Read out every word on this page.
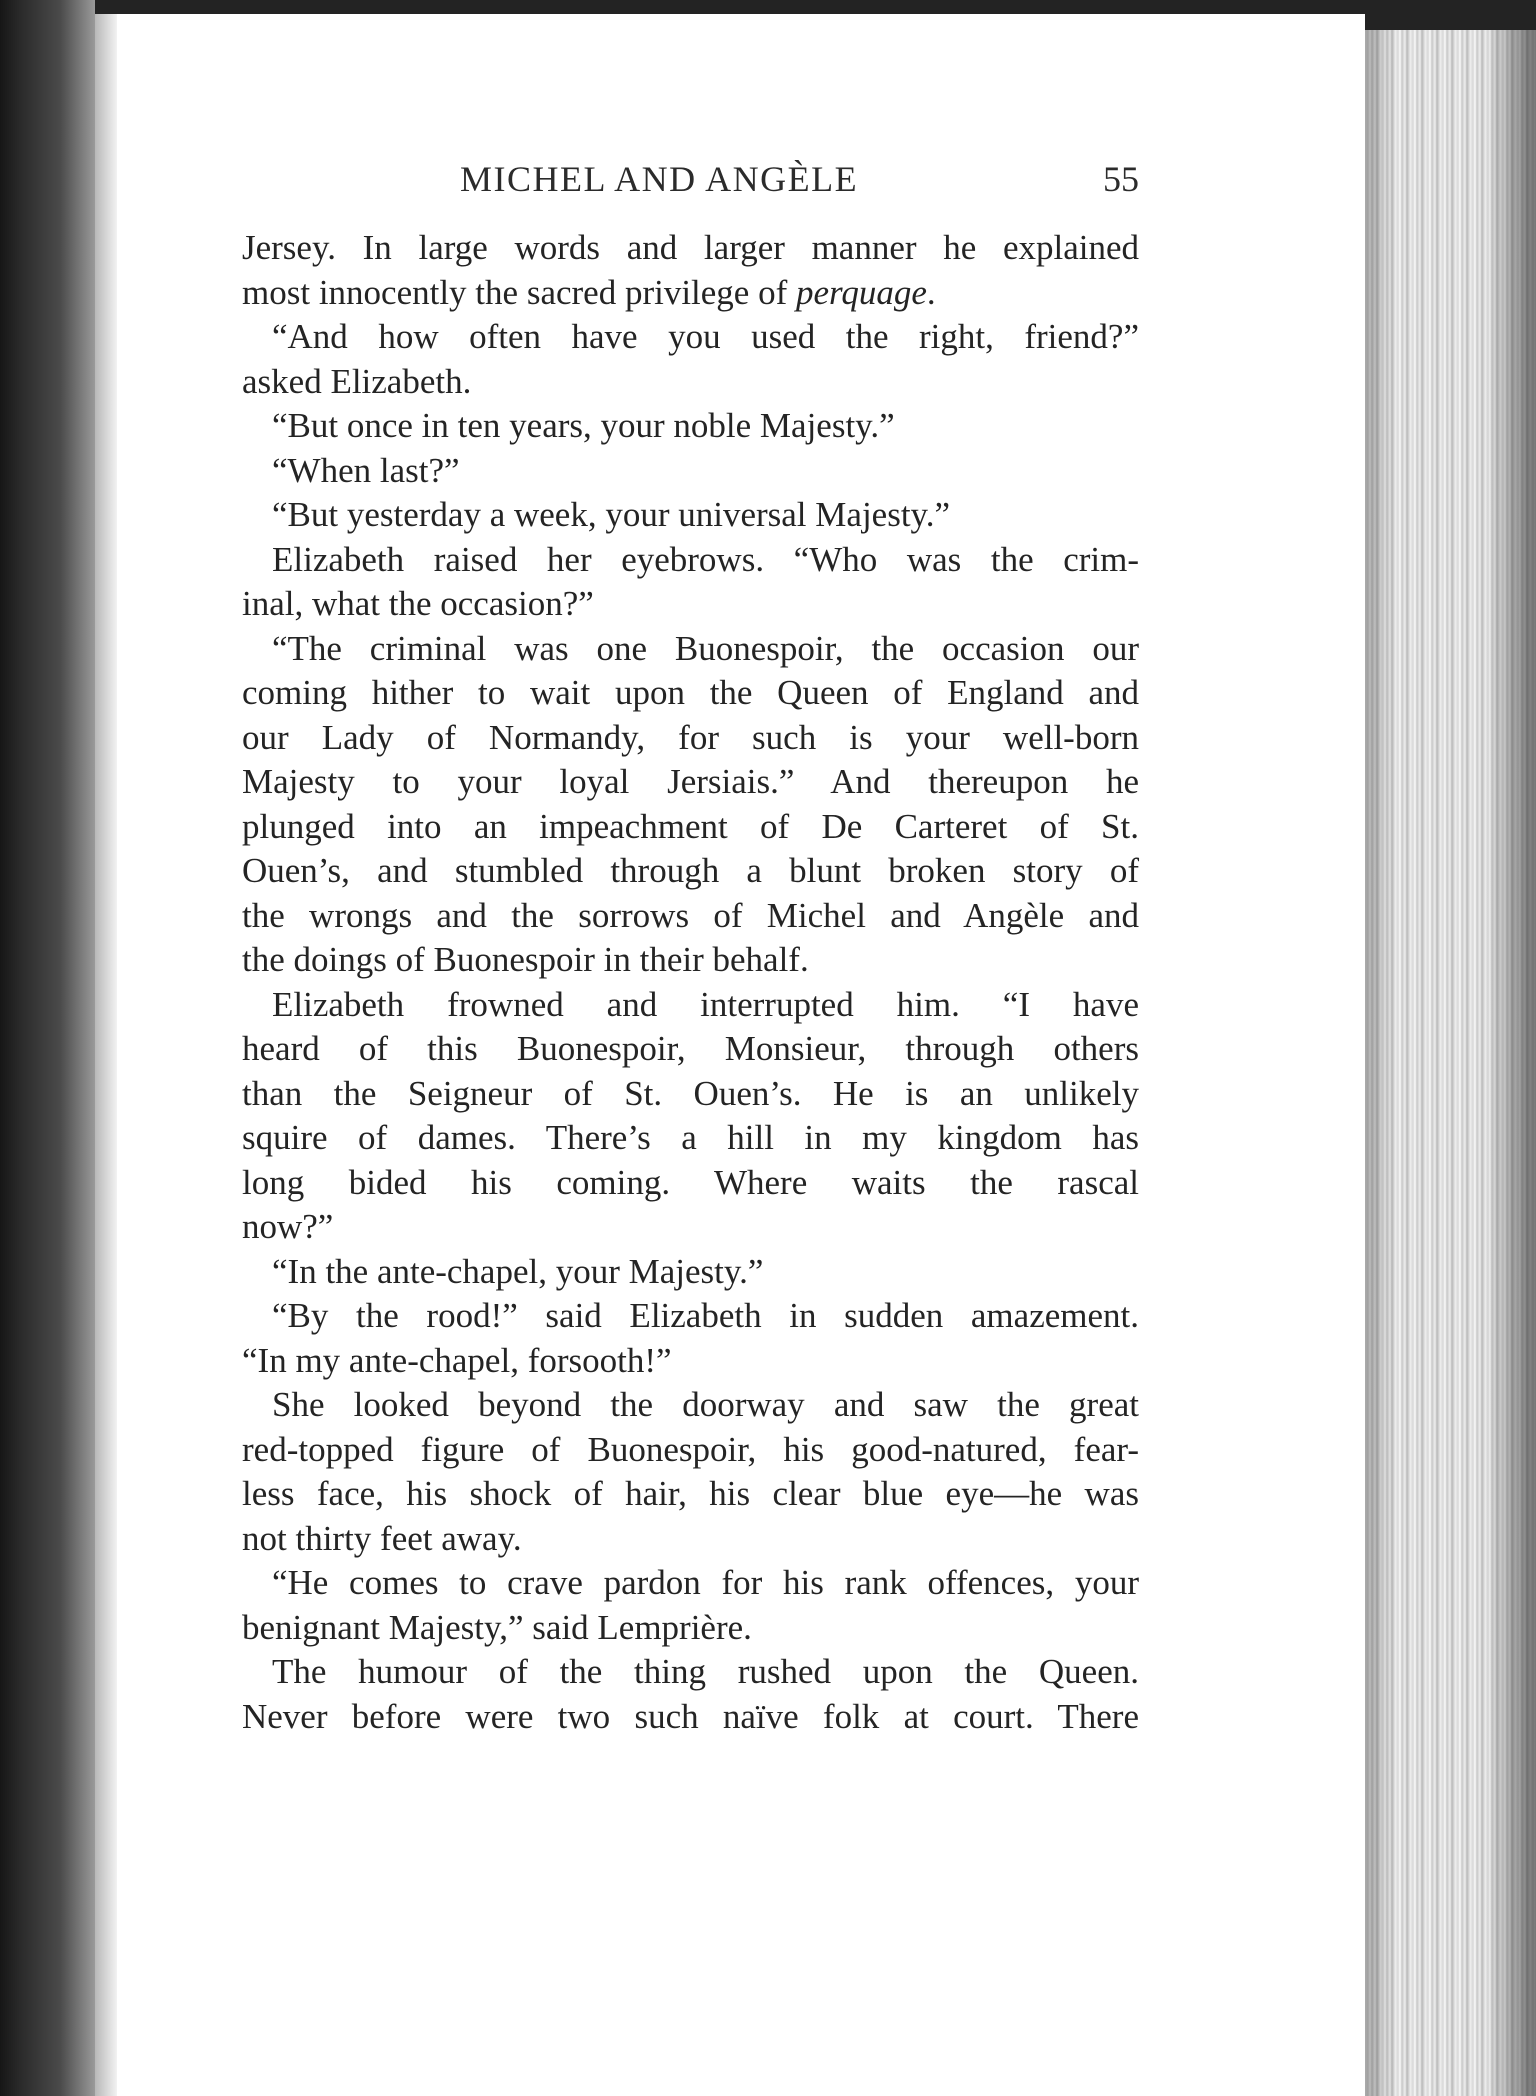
MICHEL AND ANGÈLE	55
Jersey. In large words and larger manner he explained
most innocently the sacred privilege of perquage.
“And how often have you used the right, friend?”
asked Elizabeth.
“But once in ten years, your noble Majesty.”
“When last?”
“But yesterday a week, your universal Majesty.”
Elizabeth raised her eyebrows. “Who was the crim-
inal, what the occasion?”
“The criminal was one Buonespoir, the occasion our
coming hither to wait upon the Queen of England and
our Lady of Normandy, for such is your well-born
Majesty to your loyal Jersiais.” And thereupon he
plunged into an impeachment of De Carteret of St.
Ouen’s, and stumbled through a blunt broken story of
the wrongs and the sorrows of Michel and Angèle and
the doings of Buonespoir in their behalf.
Elizabeth frowned and interrupted him. “I have
heard of this Buonespoir, Monsieur, through others
than the Seigneur of St. Ouen’s. He is an unlikely
squire of dames. There’s a hill in my kingdom has
long bided his coming. Where waits the rascal
now?”
“In the ante-chapel, your Majesty.”
“By the rood!” said Elizabeth in sudden amazement.
“In my ante-chapel, forsooth!”
She looked beyond the doorway and saw the great
red-topped figure of Buonespoir, his good-natured, fear-
less face, his shock of hair, his clear blue eye—he was
not thirty feet away.
“He comes to crave pardon for his rank offences, your
benignant Majesty,” said Lemprière.
The humour of the thing rushed upon the Queen.
Never before were two such naïve folk at court. There
